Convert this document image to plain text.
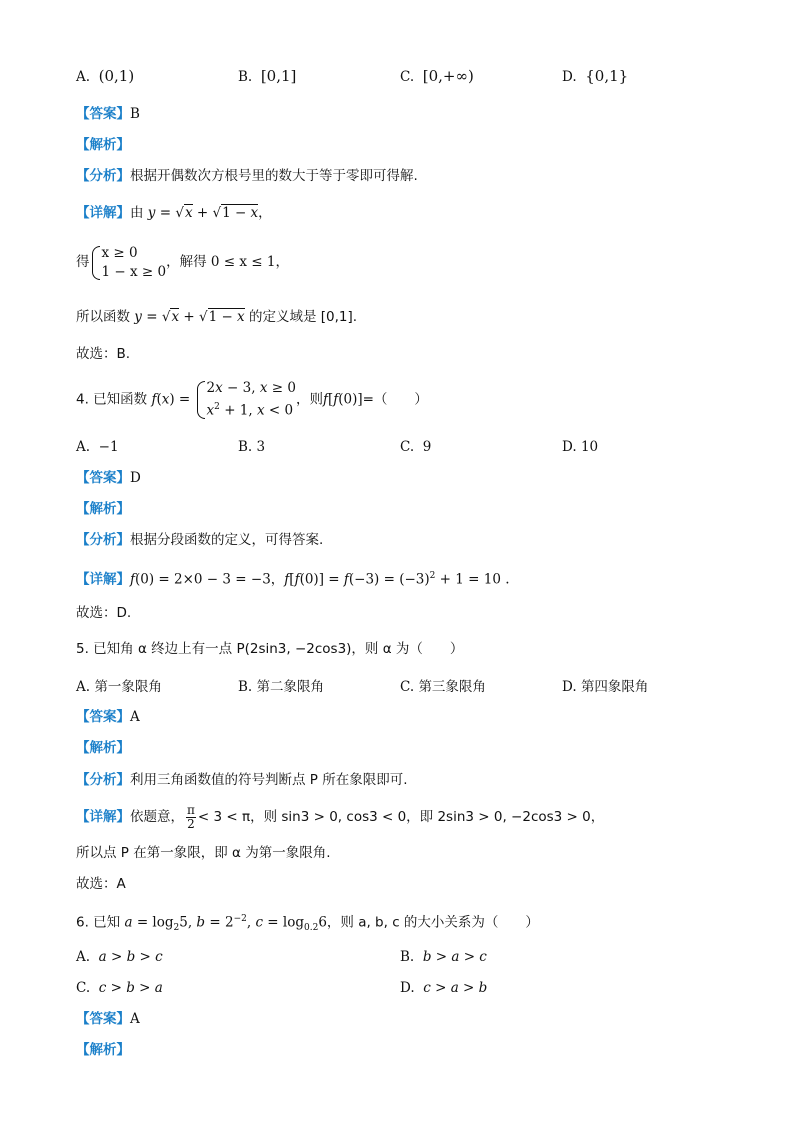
A. (0,1)	B. [0,1]	C. [0,+∞)	D. {0,1}
【答案】B
【解析】
【分析】根据开偶数次方根号里的数大于等于零即可得解.
【详解】由 y = √x + √1 − x，
得
x ≥ 0
1 − x ≥ 0
，解得 0 ≤ x ≤ 1，
所以函数 y = √x + √1 − x 的定义域是 [0,1].
故选：B.
4. 已知函数 f(x) =
2x − 3, x ≥ 0
$x^2 + 1$, x < 0
，则f[f(0)]=（　　）
A. −1	B. 3	C. 9	D. 10
【答案】D
【解析】
【分析】根据分段函数的定义，可得答案.
【详解】f(0) = 2×0 − 3 = −3，$f[f(0)] = f(-3) = (-3)^2 + 1 = 10$ .
故选：D.
5. 已知角 α 终边上有一点 P(2sin3, −2cos3)，则 α 为（　　）
A. 第一象限角	B. 第二象限角	C. 第三象限角	D. 第四象限角
【答案】A
【解析】
【分析】利用三角函数值的符号判断点 P 所在象限即可.
【详解】依题意， $\frac{\pi}{2} < 3 < \pi$，则 sin3 > 0, cos3 < 0，即 2sin3 > 0, −2cos3 > 0，
所以点 P 在第一象限，即 α 为第一象限角.
故选：A
6. 已知 $a = \log_25$, $b = 2^{-2}$, $c = \log_{0.2}6$，则 a, b, c 的大小关系为（　　）
A. a > b > c	B. b > a > c
C. c > b > a	D. c > a > b
【答案】A
【解析】
